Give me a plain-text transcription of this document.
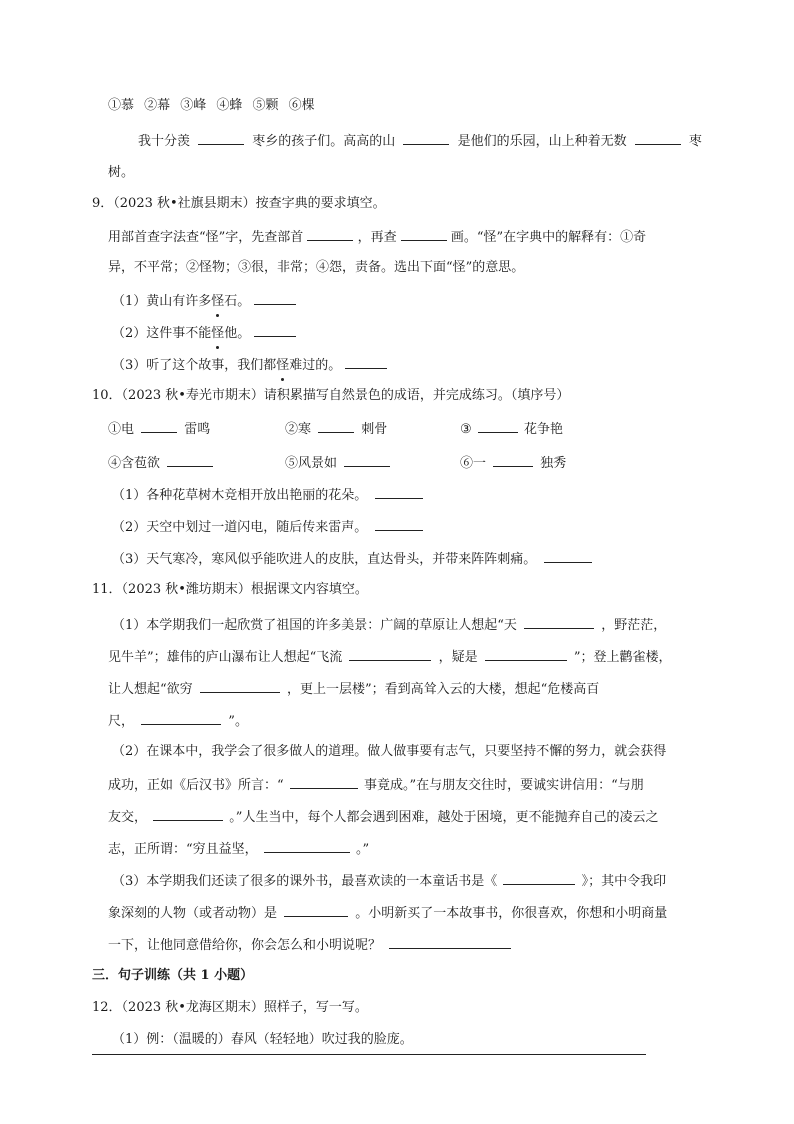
①慕 ②幕 ③峰 ④蜂 ⑤颗 ⑥棵
我十分羡	枣乡的孩子们。高高的山	是他们的乐园，山上种着无数	枣
树。
9．（2023 秋•社旗县期末）按查字典的要求填空。
用部首查字法查“怪”字，先查部首	，再查	画。“怪”在字典中的解释有：①奇
异，不平常；②怪物；③很，非常；④怨，责备。选出下面“怪”的意思。
（1）黄山有许多怪石。
（2）这件事不能怪他。
（3）听了这个故事，我们都怪难过的。
10．（2023 秋•寿光市期末）请积累描写自然景色的成语，并完成练习。（填序号）
①电	雷鸣	②寒	刺骨	③	花争艳
④含苞欲	⑤风景如	⑥一	独秀
（1）各种花草树木竞相开放出艳丽的花朵。
（2）天空中划过一道闪电，随后传来雷声。
（3）天气寒冷，寒风似乎能吹进人的皮肤，直达骨头，并带来阵阵刺痛。
11．（2023 秋•潍坊期末）根据课文内容填空。
（1）本学期我们一起欣赏了祖国的许多美景：广阔的草原让人想起“天	，野茫茫，
见牛羊”；雄伟的庐山瀑布让人想起“飞流	，疑是	”；登上鹳雀楼，
让人想起“欲穷	，更上一层楼”；看到高耸入云的大楼，想起“危楼高百
尺，	”。
（2）在课本中，我学会了很多做人的道理。做人做事要有志气，只要坚持不懈的努力，就会获得
成功，正如《后汉书》所言：“	事竟成。”在与朋友交往时，要诚实讲信用：“与朋
友交，	。”人生当中，每个人都会遇到困难，越处于困境，更不能抛弃自己的凌云之
志，正所谓：“穷且益坚，	。”
（3）本学期我们还读了很多的课外书，最喜欢读的一本童话书是《	》；其中令我印
象深刻的人物（或者动物）是	。小明新买了一本故事书，你很喜欢，你想和小明商量
一下，让他同意借给你，你会怎么和小明说呢？
三．句子训练（共 1 小题）
12．（2023 秋•龙海区期末）照样子，写一写。
（1）例：（温暖的）春风（轻轻地）吹过我的脸庞。
